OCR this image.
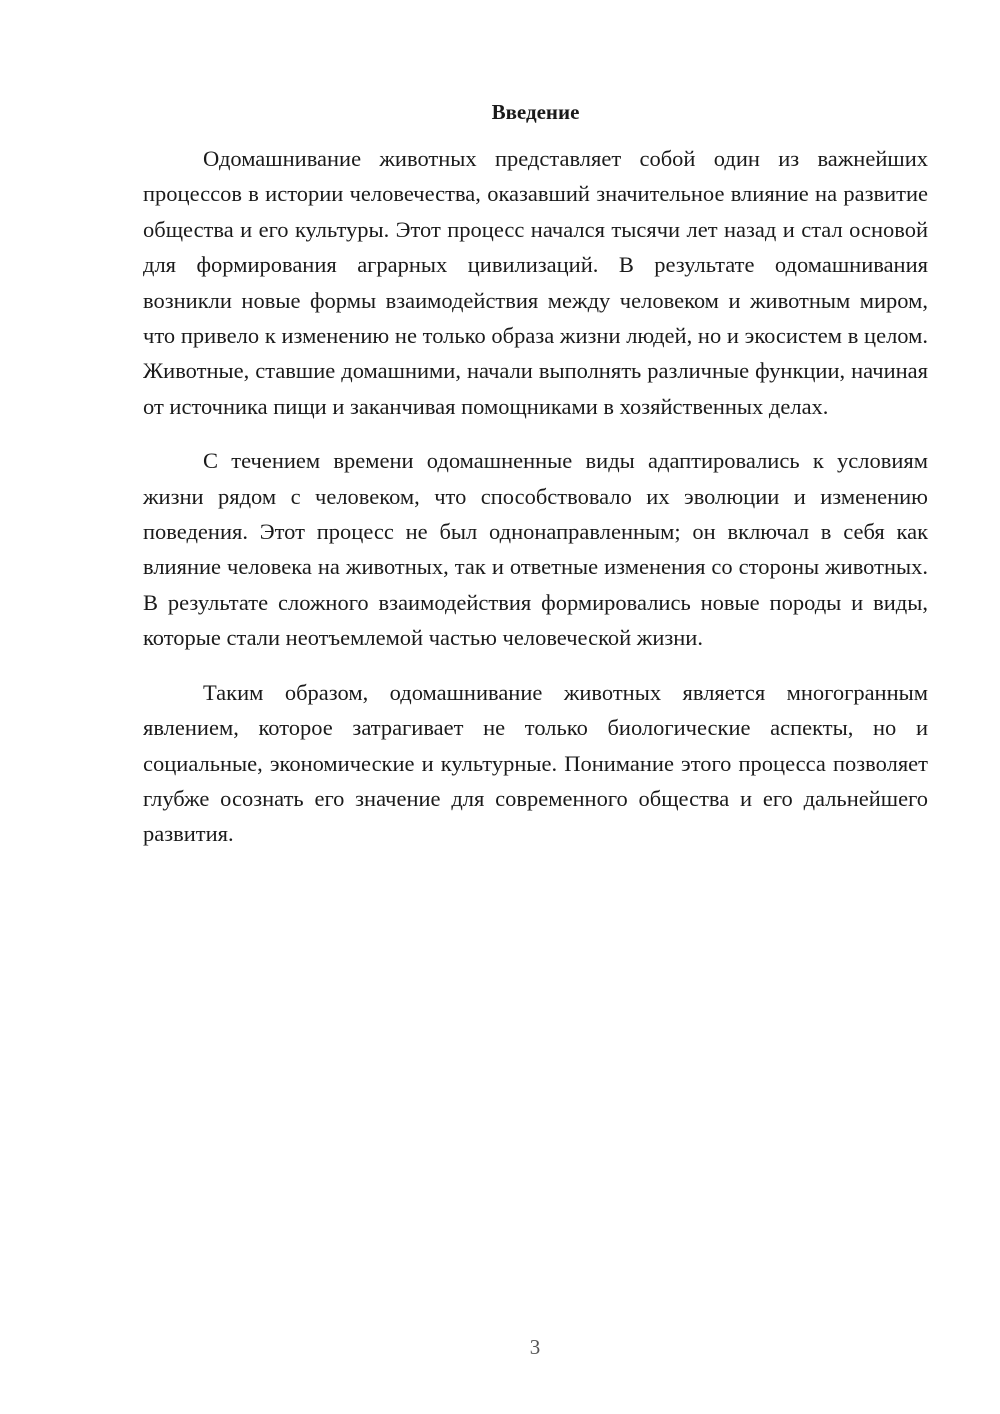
Введение

Одомашнивание животных представляет собой один из важнейших процессов в истории человечества, оказавший значительное влияние на развитие общества и его культуры. Этот процесс начался тысячи лет назад и стал основой для формирования аграрных цивилизаций. В результате одомашнивания возникли новые формы взаимодействия между человеком и животным миром, что привело к изменению не только образа жизни людей, но и экосистем в целом. Животные, ставшие домашними, начали выполнять различные функции, начиная от источника пищи и заканчивая помощниками в хозяйственных делах.

С течением времени одомашненные виды адаптировались к условиям жизни рядом с человеком, что способствовало их эволюции и изменению поведения. Этот процесс не был однонаправленным; он включал в себя как влияние человека на животных, так и ответные изменения со стороны животных. В результате сложного взаимодействия формировались новые породы и виды, которые стали неотъемлемой частью человеческой жизни.

Таким образом, одомашнивание животных является многогранным явлением, которое затрагивает не только биологические аспекты, но и социальные, экономические и культурные. Понимание этого процесса позволяет глубже осознать его значение для современного общества и его дальнейшего развития.

3
